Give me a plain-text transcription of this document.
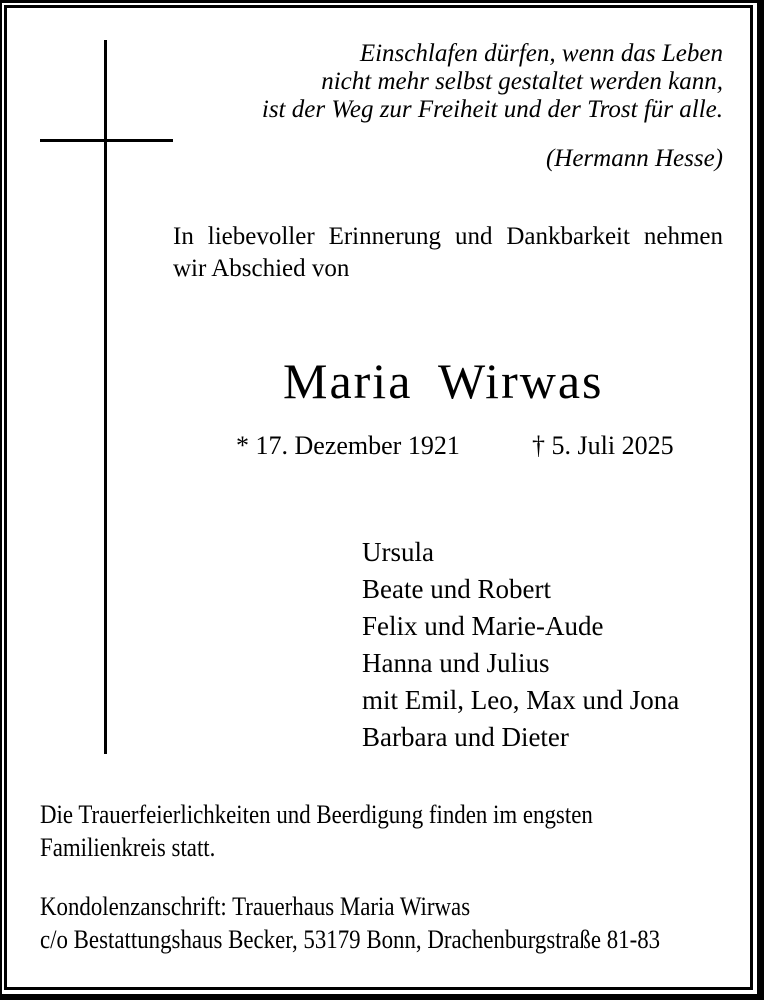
Einschlafen dürfen, wenn das Leben
nicht mehr selbst gestaltet werden kann,
ist der Weg zur Freiheit und der Trost für alle.
(Hermann Hesse)
In liebevoller Erinnerung und Dankbarkeit nehmen
wir Abschied von
Maria Wirwas
* 17. Dezember 1921	† 5. Juli 2025
Ursula
Beate und Robert
Felix und Marie-Aude
Hanna und Julius
mit Emil, Leo, Max und Jona
Barbara und Dieter
Die Trauerfeierlichkeiten und Beerdigung finden im engsten
Familienkreis statt.
Kondolenzanschrift: Trauerhaus Maria Wirwas
c/o Bestattungshaus Becker, 53179 Bonn, Drachenburgstraße 81-83
